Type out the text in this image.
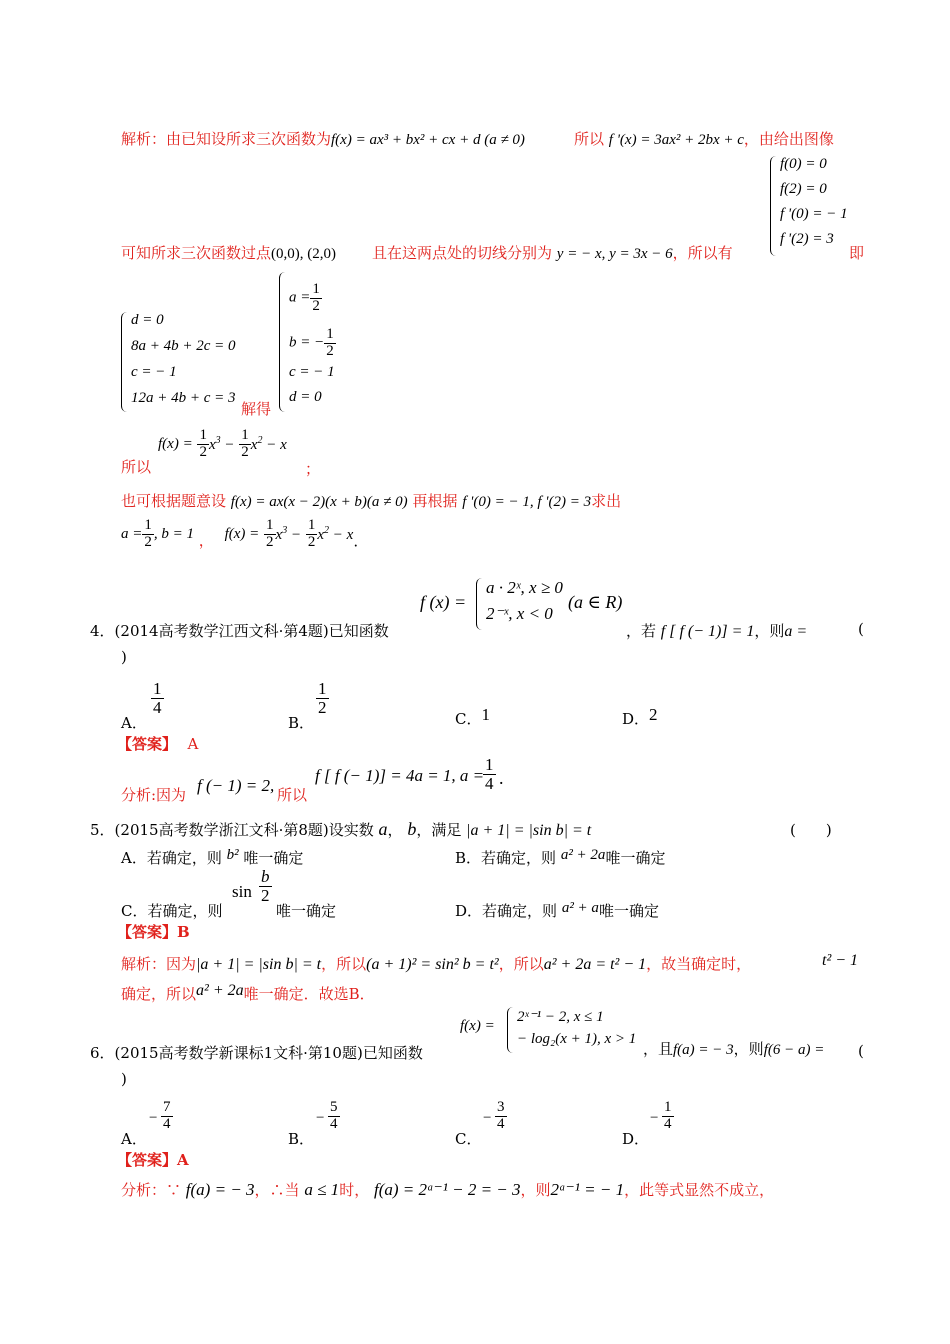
解析：由已知设所求三次函数为f(x) = ax³ + bx² + cx + d (a ≠ 0)	所以 f '(x) = 3ax² + 2bx + c，由给出图像
f(0) = 0
f(2) = 0
f '(0) = − 1
f '(2) = 3
即
可知所求三次函数过点(0,0), (2,0) 且在这两点处的切线分别为 y = − x, y = 3x − 6，所以有
d = 0
8a + 4b + 2c = 0
c = − 1
12a + 4b + c = 3
解得
$a = \frac{1}{2}$
b = − $\frac{1}{2}$
c = − 1
d = 0
所以
$f(x) = \frac{1}{2} x^3 - \frac{1}{2} x^2 - x$
；
也可根据题意设 f(x) = ax(x − 2)(x + b)(a ≠ 0) 再根据 f '(0) = − 1, f '(2) = 3求出
$a = \frac{1}{2}$ , b = 1 ， $f(x) = \frac{1}{2} x^3 - \frac{1}{2} x^2 - x$.
f (x) =
a · 2ˣ, x ≥ 0
2⁻ˣ, x < 0
(a ∈ R)
4．(2014高考数学江西文科·第4题)已知函数	，若 f [ f (− 1)] = 1，则a =	(
)
A．
$\frac{1}{4}$
B．
$\frac{1}{2}$
C．1	D．2
【答案】 A
分析:因为 f (− 1) = 2, 所以
f [ f (− 1)] = 4a = 1, a =
$\frac{1}{4}$ .
5．(2015高考数学浙江文科·第8题)设实数 a， b，满足 |a + 1| = |sin b| = t	(　　)
A．若确定，则 b² 唯一确定	B．若确定，则 a² + 2a唯一确定
C．若确定，则
$\sin \frac{b}{2}$
唯一确定	D．若确定，则 a² + a唯一确定
【答案】B
解析：因为|a + 1| = |sin b| = t，所以(a + 1)² = sin² b = t²，所以a² + 2a = t² − 1，故当确定时，	t² − 1
确定，所以a² + 2a唯一确定．故选B．
f(x) =
2ˣ⁻¹ − 2, x ≤ 1
− log₂(x + 1), x > 1
6．(2015高考数学新课标1文科·第10题)已知函数	，且f(a) = − 3，则f(6 − a) = (
)
A．
− $\frac{7}{4}$
B．
− $\frac{5}{4}$
C．
− $\frac{3}{4}$
D．
− $\frac{1}{4}$
【答案】A
分析：∵ f(a) = − 3，∴当 a ≤ 1时， f(a) = 2ᵃ⁻¹ − 2 = − 3，则2ᵃ⁻¹ = − 1，此等式显然不成立，
